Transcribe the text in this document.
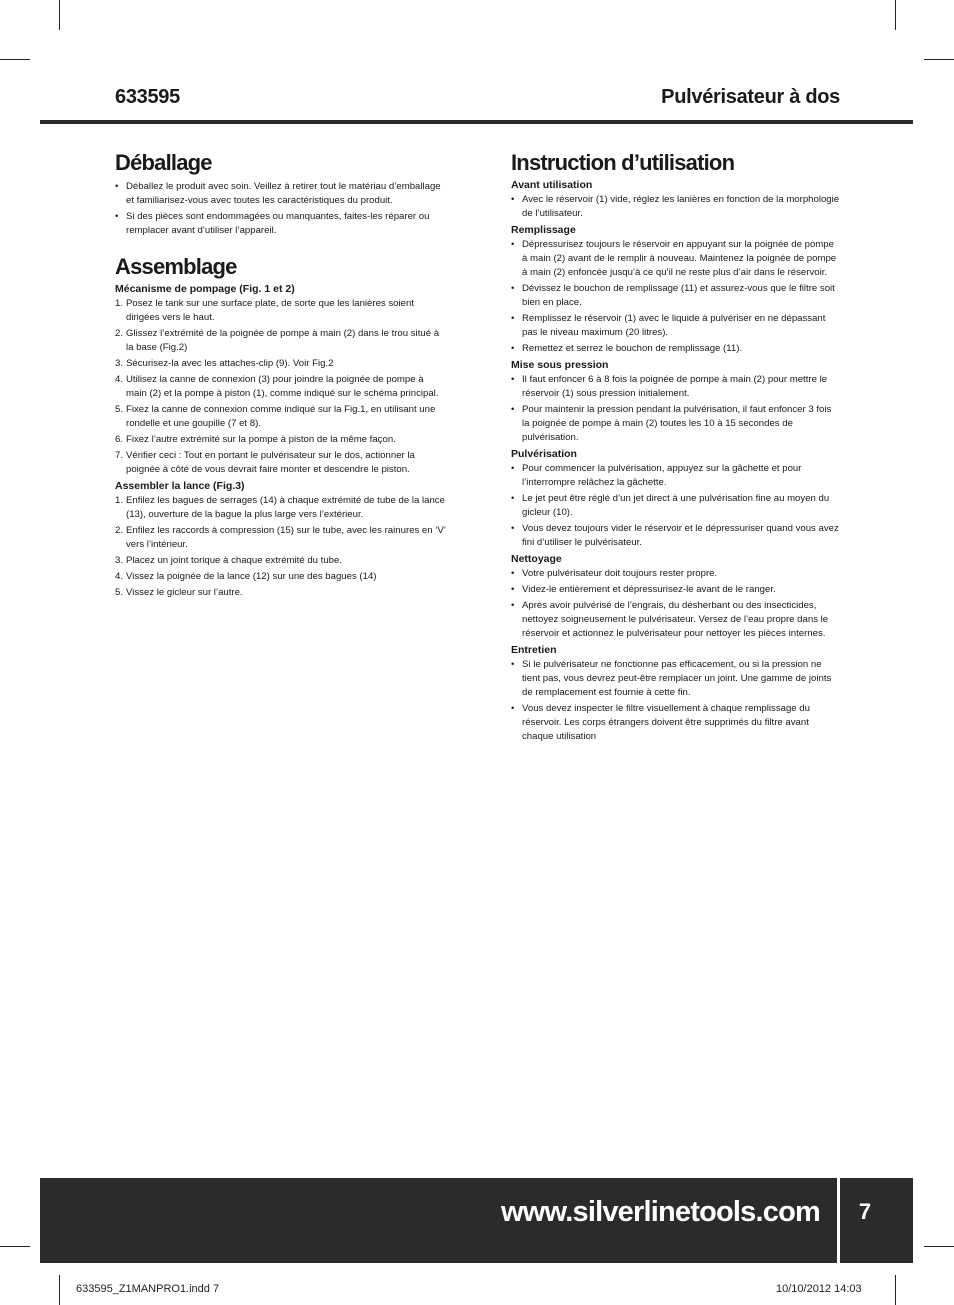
633595	Pulvérisateur à dos
Déballage
• Déballez le produit avec soin. Veillez à retirer tout le matériau d’emballage et familiarisez-vous avec toutes les caractéristiques du produit.
• Si des pièces sont endommagées ou manquantes, faites-les réparer ou remplacer avant d’utiliser l’appareil.
Assemblage

Mécanisme de pompage (Fig. 1 et 2)

1. Posez le tank sur une surface plate, de sorte que les lanières soient dirigées vers le haut.
2. Glissez l’extrémité de la poignée de pompe à main (2) dans le trou situé à la base (Fig.2)
3. Sécurisez-la avec les attaches-clip (9). Voir Fig.2
4. Utilisez la canne de connexion (3) pour joindre la poignée de pompe à main (2) et la pompe à piston (1), comme indiqué sur le schéma principal.
5. Fixez la canne de connexion comme indiqué sur la Fig.1, en utilisant une rondelle et une goupille (7 et 8).
6. Fixez l’autre extrémité sur la pompe à piston de la même façon.
7. Vérifier ceci : Tout en portant le pulvérisateur sur le dos, actionner la poignée à côté de vous devrait faire monter et descendre le piston.

Assembler la lance (Fig.3)

1. Enfilez les bagues de serrages (14) à chaque extrémité de tube de la lance (13), ouverture de la bague la plus large vers l’extérieur.
2. Enfilez les raccords à compression (15) sur le tube, avec les rainures en ‘V’ vers l’intérieur.
3. Placez un joint torique à chaque extrémité du tube.
4. Vissez la poignée de la lance (12) sur une des bagues (14)
5. Vissez le gicleur sur l’autre.
Instruction d’utilisation

Avant utilisation

• Avec le réservoir (1) vide, réglez les lanières en fonction de la morphologie de l’utilisateur.

Remplissage

• Dépressurisez toujours le réservoir en appuyant sur la poignée de pompe à main (2) avant de le remplir à nouveau. Maintenez la poignée de pompe à main (2) enfoncée jusqu’à ce qu’il ne reste plus d’air dans le réservoir.
• Dévissez le bouchon de remplissage (11) et assurez-vous que le filtre soit bien en place.
• Remplissez le réservoir (1) avec le liquide à pulvériser en ne dépassant pas le niveau maximum (20 litres).
• Remettez et serrez le bouchon de remplissage (11).

Mise sous pression

• Il faut enfoncer 6 à 8 fois la poignée de pompe à main (2) pour mettre le réservoir (1) sous pression initialement.
• Pour maintenir la pression pendant la pulvérisation, il faut enfoncer 3 fois la poignée de pompe à main (2) toutes les 10 à 15 secondes de pulvérisation.

Pulvérisation

• Pour commencer la pulvérisation, appuyez sur la gâchette et pour l’interrompre relâchez la gâchette.
• Le jet peut être réglé d’un jet direct à une pulvérisation fine au moyen du gicleur (10).
• Vous devez toujours vider le réservoir et le dépressuriser quand vous avez fini d’utiliser le pulvérisateur.

Nettoyage

• Votre pulvérisateur doit toujours rester propre.
• Videz-le entièrement et dépressurisez-le avant de le ranger.
• Après avoir pulvérisé de l’engrais, du désherbant ou des insecticides, nettoyez soigneusement le pulvérisateur. Versez de l’eau propre dans le réservoir et actionnez le pulvérisateur pour nettoyer les pièces internes.

Entretien

• Si le pulvérisateur ne fonctionne pas efficacement, ou si la pression ne tient pas, vous devrez peut-être remplacer un joint. Une gamme de joints de remplacement est fournie à cette fin.
• Vous devez inspecter le filtre visuellement à chaque remplissage du réservoir. Les corps étrangers doivent être supprimés du filtre avant chaque utilisation
www.silverlinetools.com	7
633595_Z1MANPRO1.indd 7	10/10/2012 14:03
